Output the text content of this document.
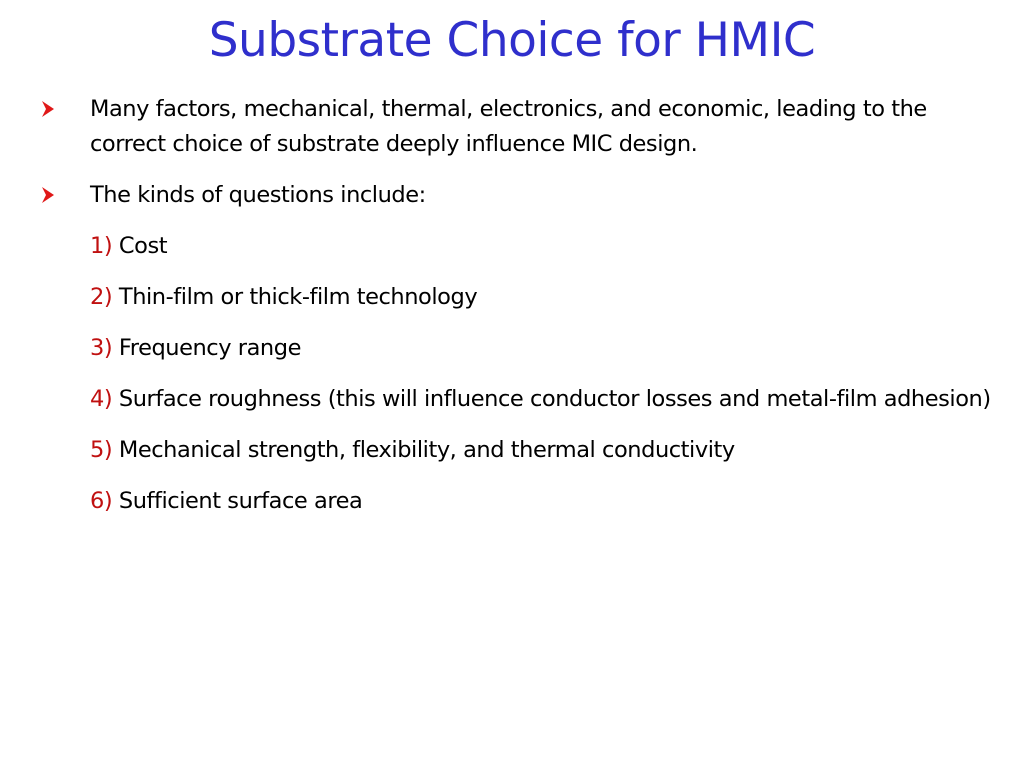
Substrate Choice for HMIC
Many factors, mechanical, thermal, electronics, and economic, leading to the correct choice of substrate deeply influence MIC design.
The kinds of questions include:
1) Cost
2) Thin-film or thick-film technology
3) Frequency range
4) Surface roughness (this will influence conductor losses and metal-film adhesion)
5) Mechanical strength, flexibility, and thermal conductivity
6) Sufficient surface area
